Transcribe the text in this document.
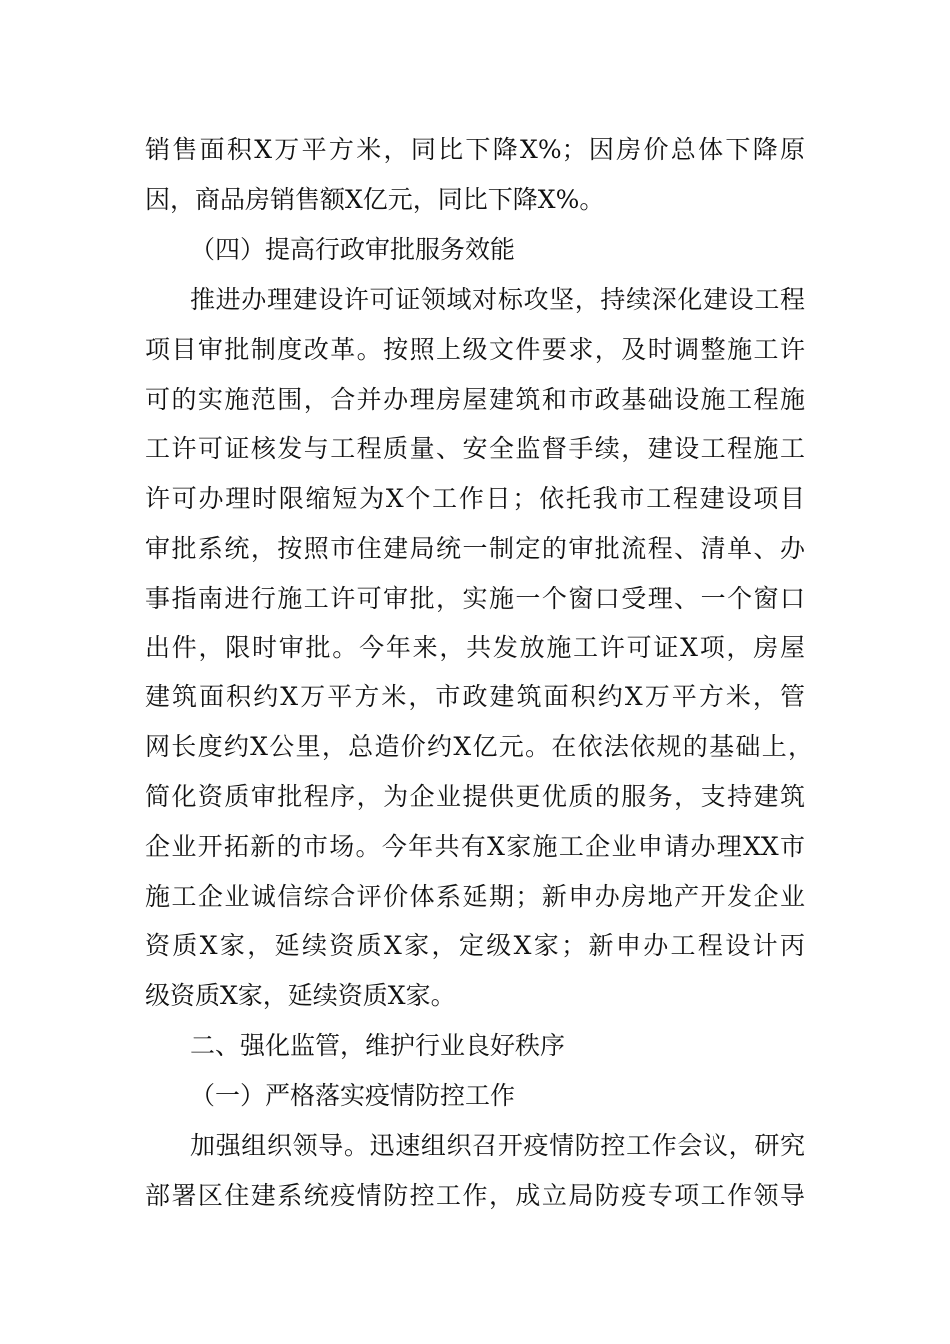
销售面积X万平方米，同比下降X%；因房价总体下降原
因，商品房销售额X亿元，同比下降X%。
（四）提高行政审批服务效能
推进办理建设许可证领域对标攻坚，持续深化建设工程
项目审批制度改革。按照上级文件要求，及时调整施工许
可的实施范围，合并办理房屋建筑和市政基础设施工程施
工许可证核发与工程质量、安全监督手续，建设工程施工
许可办理时限缩短为X个工作日；依托我市工程建设项目
审批系统，按照市住建局统一制定的审批流程、清单、办
事指南进行施工许可审批，实施一个窗口受理、一个窗口
出件，限时审批。今年来，共发放施工许可证X项，房屋
建筑面积约X万平方米，市政建筑面积约X万平方米，管
网长度约X公里，总造价约X亿元。在依法依规的基础上，
简化资质审批程序，为企业提供更优质的服务，支持建筑
企业开拓新的市场。今年共有X家施工企业申请办理XX市
施工企业诚信综合评价体系延期；新申办房地产开发企业
资质X家，延续资质X家，定级X家；新申办工程设计丙
级资质X家，延续资质X家。
二、强化监管，维护行业良好秩序
（一）严格落实疫情防控工作
加强组织领导。迅速组织召开疫情防控工作会议，研究
部署区住建系统疫情防控工作，成立局防疫专项工作领导
